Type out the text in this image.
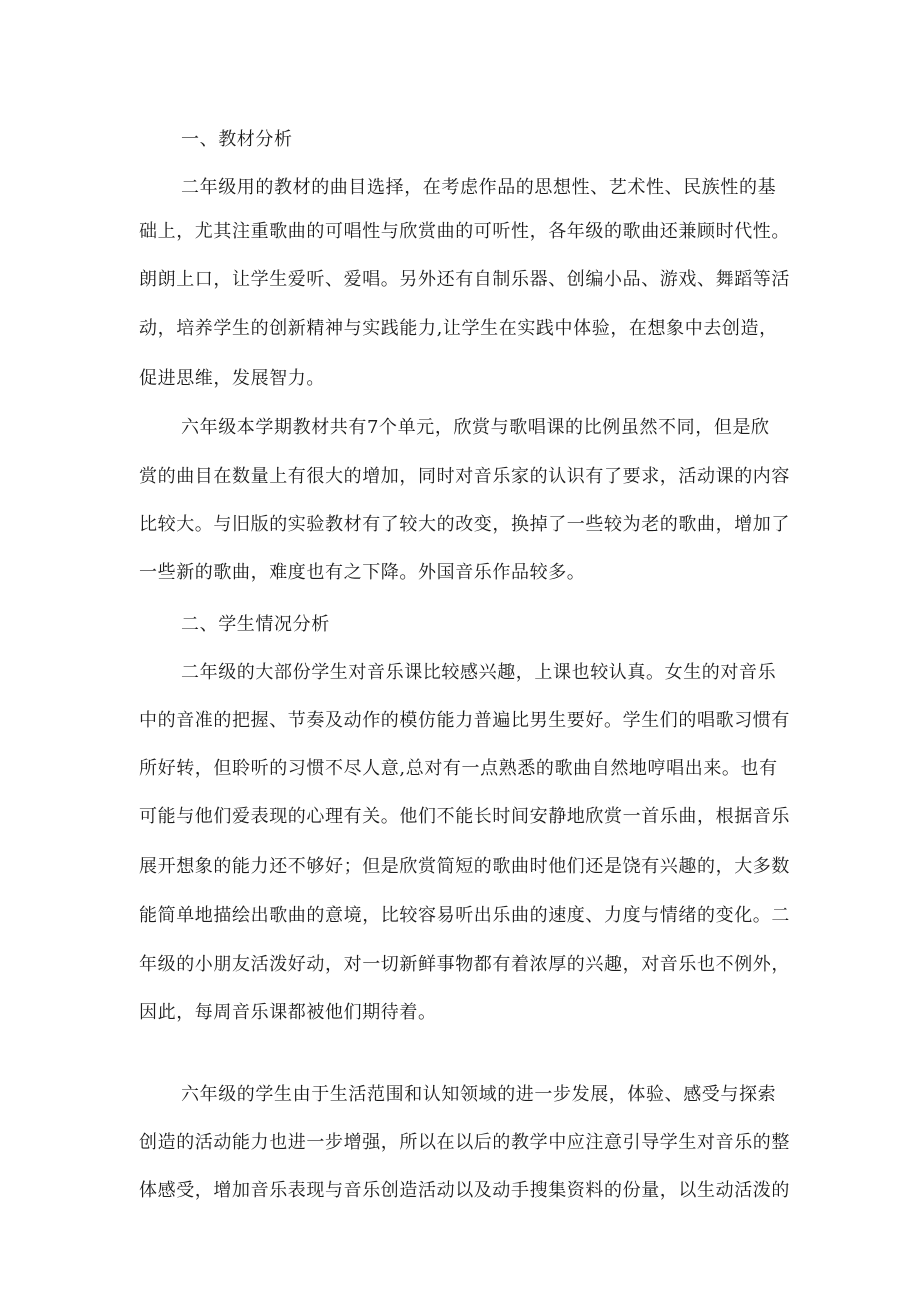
一、教材分析

二年级用的教材的曲目选择，在考虑作品的思想性、艺术性、民族性的基

础上，尤其注重歌曲的可唱性与欣赏曲的可听性，各年级的歌曲还兼顾时代性。

朗朗上口，让学生爱听、爱唱。另外还有自制乐器、创编小品、游戏、舞蹈等活

动，培养学生的创新精神与实践能力,让学生在实践中体验，在想象中去创造，

促进思维，发展智力。

六年级本学期教材共有7个单元，欣赏与歌唱课的比例虽然不同，但是欣

赏的曲目在数量上有很大的增加，同时对音乐家的认识有了要求，活动课的内容

比较大。与旧版的实验教材有了较大的改变，换掉了一些较为老的歌曲，增加了

一些新的歌曲，难度也有之下降。外国音乐作品较多。

二、学生情况分析

二年级的大部份学生对音乐课比较感兴趣，上课也较认真。女生的对音乐

中的音准的把握、节奏及动作的模仿能力普遍比男生要好。学生们的唱歌习惯有

所好转，但聆听的习惯不尽人意,总对有一点熟悉的歌曲自然地哼唱出来。也有

可能与他们爱表现的心理有关。他们不能长时间安静地欣赏一首乐曲，根据音乐

展开想象的能力还不够好；但是欣赏简短的歌曲时他们还是饶有兴趣的，大多数

能简单地描绘出歌曲的意境，比较容易听出乐曲的速度、力度与情绪的变化。二

年级的小朋友活泼好动，对一切新鲜事物都有着浓厚的兴趣，对音乐也不例外，

因此，每周音乐课都被他们期待着。

六年级的学生由于生活范围和认知领域的进一步发展，体验、感受与探索

创造的活动能力也进一步增强，所以在以后的教学中应注意引导学生对音乐的整

体感受，增加音乐表现与音乐创造活动以及动手搜集资料的份量，以生动活泼的
